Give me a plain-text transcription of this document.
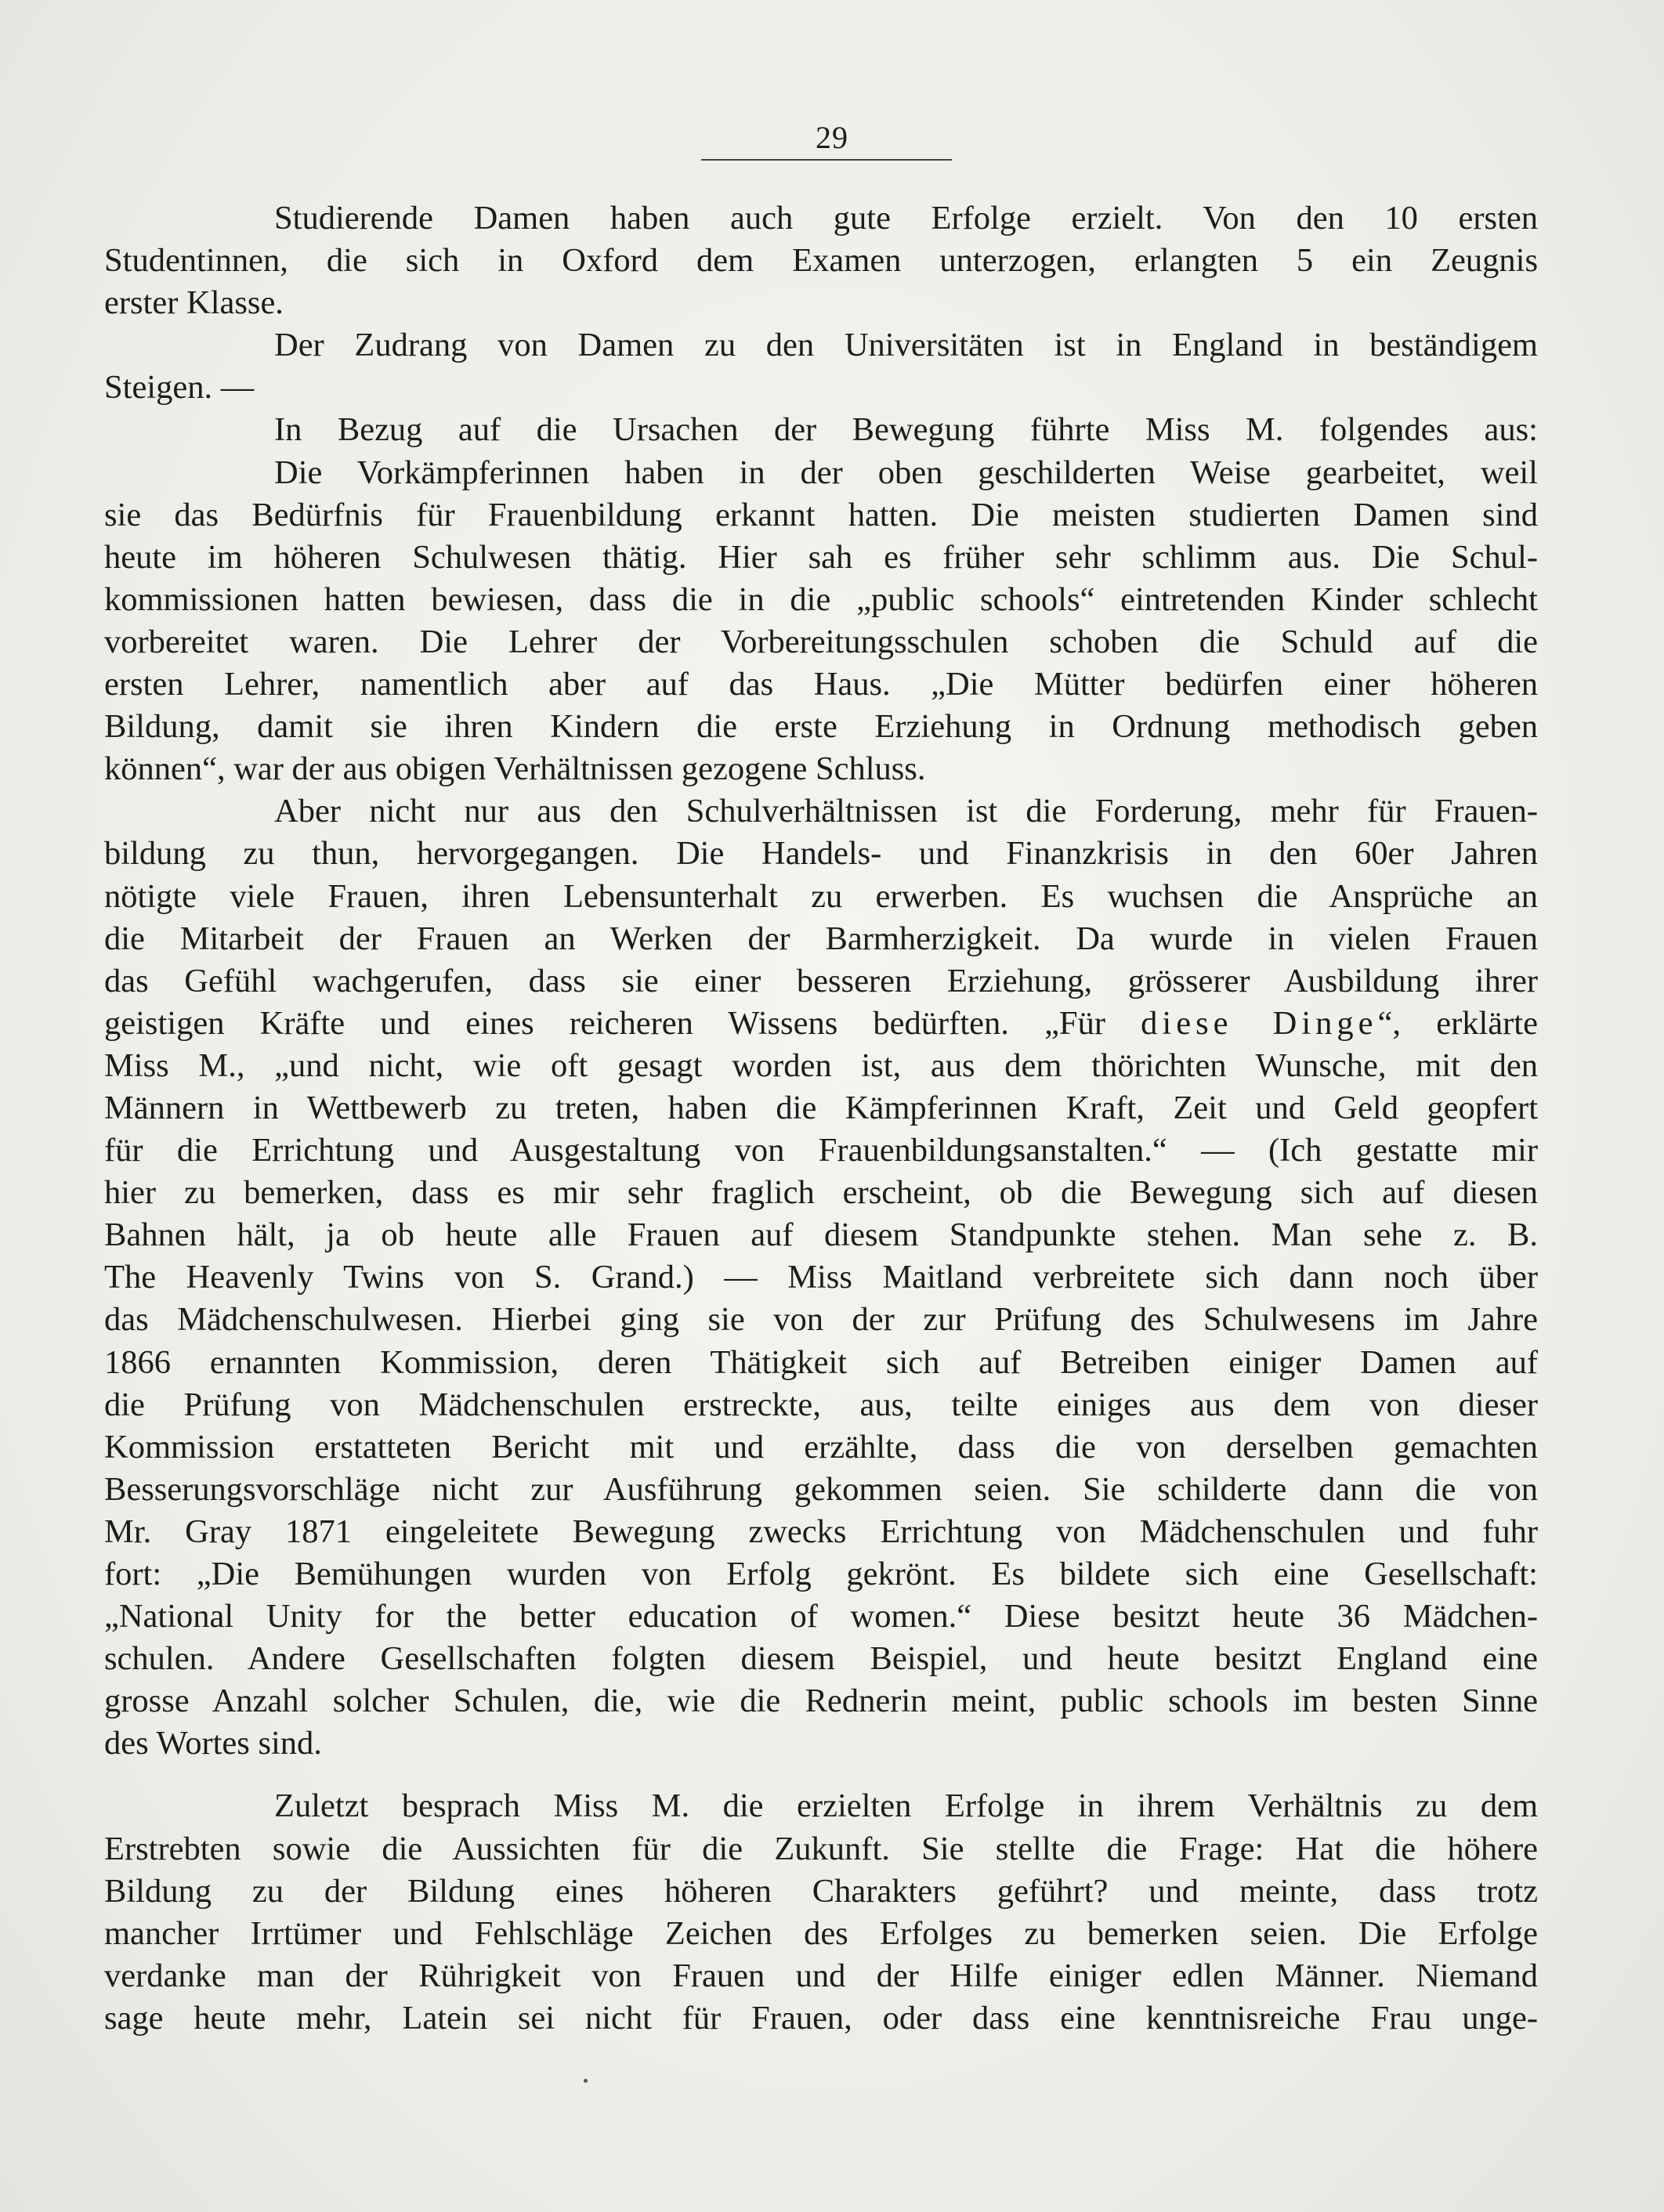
29

Studierende Damen haben auch gute Erfolge erzielt. Von den 10 ersten

Studentinnen, die sich in Oxford dem Examen unterzogen, erlangten 5 ein Zeugnis

erster Klasse.

Der Zudrang von Damen zu den Universitäten ist in England in beständigem

Steigen. —

In Bezug auf die Ursachen der Bewegung führte Miss M. folgendes aus:

Die Vorkämpferinnen haben in der oben geschilderten Weise gearbeitet, weil

sie das Bedürfnis für Frauenbildung erkannt hatten. Die meisten studierten Damen sind

heute im höheren Schulwesen thätig. Hier sah es früher sehr schlimm aus. Die Schul-

kommissionen hatten bewiesen, dass die in die „public schools“ eintretenden Kinder schlecht

vorbereitet waren. Die Lehrer der Vorbereitungsschulen schoben die Schuld auf die

ersten Lehrer, namentlich aber auf das Haus. „Die Mütter bedürfen einer höheren

Bildung, damit sie ihren Kindern die erste Erziehung in Ordnung methodisch geben

können“, war der aus obigen Verhältnissen gezogene Schluss.

Aber nicht nur aus den Schulverhältnissen ist die Forderung, mehr für Frauen-

bildung zu thun, hervorgegangen. Die Handels- und Finanzkrisis in den 60er Jahren

nötigte viele Frauen, ihren Lebensunterhalt zu erwerben. Es wuchsen die Ansprüche an

die Mitarbeit der Frauen an Werken der Barmherzigkeit. Da wurde in vielen Frauen

das Gefühl wachgerufen, dass sie einer besseren Erziehung, grösserer Ausbildung ihrer

geistigen Kräfte und eines reicheren Wissens bedürften. „Für diese Dinge“, erklärte

Miss M., „und nicht, wie oft gesagt worden ist, aus dem thörichten Wunsche, mit den

Männern in Wettbewerb zu treten, haben die Kämpferinnen Kraft, Zeit und Geld geopfert

für die Errichtung und Ausgestaltung von Frauenbildungsanstalten.“ — (Ich gestatte mir

hier zu bemerken, dass es mir sehr fraglich erscheint, ob die Bewegung sich auf diesen

Bahnen hält, ja ob heute alle Frauen auf diesem Standpunkte stehen. Man sehe z. B.

The Heavenly Twins von S. Grand.) — Miss Maitland verbreitete sich dann noch über

das Mädchenschulwesen. Hierbei ging sie von der zur Prüfung des Schulwesens im Jahre

1866 ernannten Kommission, deren Thätigkeit sich auf Betreiben einiger Damen auf

die Prüfung von Mädchenschulen erstreckte, aus, teilte einiges aus dem von dieser

Kommission erstatteten Bericht mit und erzählte, dass die von derselben gemachten

Besserungsvorschläge nicht zur Ausführung gekommen seien. Sie schilderte dann die von

Mr. Gray 1871 eingeleitete Bewegung zwecks Errichtung von Mädchenschulen und fuhr

fort: „Die Bemühungen wurden von Erfolg gekrönt. Es bildete sich eine Gesellschaft:

„National Unity for the better education of women.“ Diese besitzt heute 36 Mädchen-

schulen. Andere Gesellschaften folgten diesem Beispiel, und heute besitzt England eine

grosse Anzahl solcher Schulen, die, wie die Rednerin meint, public schools im besten Sinne

des Wortes sind.

Zuletzt besprach Miss M. die erzielten Erfolge in ihrem Verhältnis zu dem

Erstrebten sowie die Aussichten für die Zukunft. Sie stellte die Frage: Hat die höhere

Bildung zu der Bildung eines höheren Charakters geführt? und meinte, dass trotz

mancher Irrtümer und Fehlschläge Zeichen des Erfolges zu bemerken seien. Die Erfolge

verdanke man der Rührigkeit von Frauen und der Hilfe einiger edlen Männer. Niemand

sage heute mehr, Latein sei nicht für Frauen, oder dass eine kenntnisreiche Frau unge-
